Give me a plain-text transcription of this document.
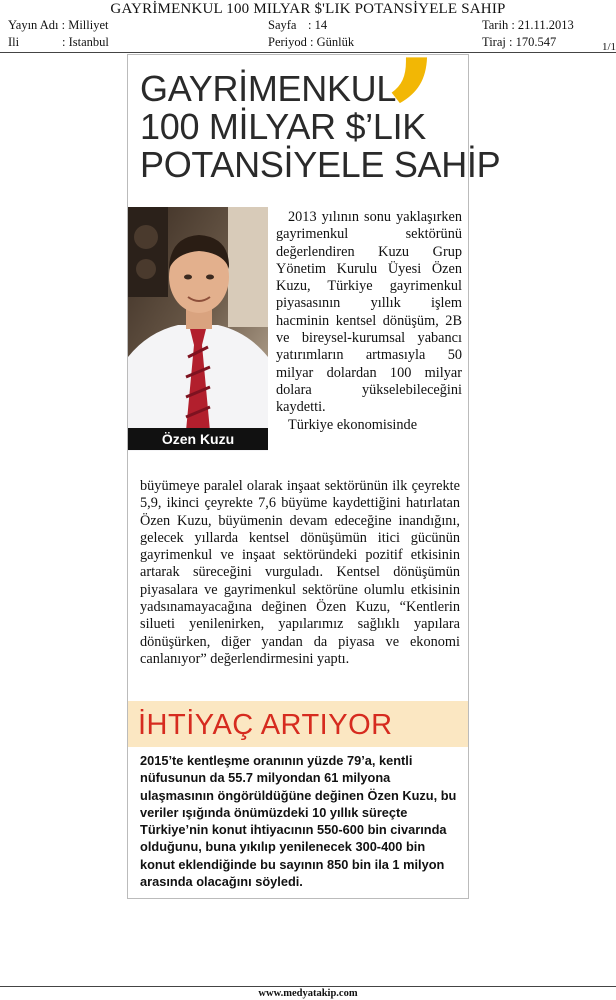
GAYRİMENKUL 100 MILYAR $'LIK POTANSİYELE SAHIP
Yayın Adı : Milliyet
Ili	: Istanbul
Sayfa : 14
Periyod : Günlük
Tarih : 21.11.2013
Tiraj : 170.547	1/1
’
GAYRİMENKUL
100 MİLYAR $’LIK
POTANSİYELE SAHİP
Özen Kuzu

2013 yılının sonu yaklaşırken gayrimenkul sektörünü değerlendiren Kuzu Grup Yönetim Kurulu Üyesi Özen Kuzu, Türkiye gayrimenkul piyasasının yıllık işlem hacminin kentsel dönüşüm, 2B ve bireysel-kurumsal yabancı yatırımların artmasıyla 50 milyar dolardan 100 milyar dolara yükselebileceğini kaydetti.

Türkiye ekonomisinde

büyümeye paralel olarak inşaat sektörünün ilk çeyrekte 5,9, ikinci çeyrekte 7,6 büyüme kaydettiğini hatırlatan Özen Kuzu, büyümenin devam edeceğine inandığını, gelecek yıllarda kentsel dönüşümün itici gücünün gayrimenkul ve inşaat sektöründeki pozitif etkisinin artarak süreceğini vurguladı. Kentsel dönüşümün piyasalara ve gayrimenkul sektörüne olumlu etkisinin yadsınamayacağına değinen Özen Kuzu, “Kentlerin silueti yenilenirken, yapılarımız sağlıklı yapılara dönüşürken, diğer yandan da piyasa ve ekonomi canlanıyor” değerlendirmesini yaptı.

İHTİYAÇ ARTIYOR
2015’te kentleşme oranının yüzde 79’a, kentli nüfusunun da 55.7 milyondan 61 milyona ulaşmasının öngörüldüğüne değinen Özen Kuzu, bu veriler ışığında önümüzdeki 10 yıllık süreçte Türkiye’nin konut ihtiyacının 550-600 bin civarında olduğunu, buna yıkılıp yenilenecek 300-400 bin konut eklendiğinde bu sayının 850 bin ila 1 milyon arasında olacağını söyledi.
www.medyatakip.com
